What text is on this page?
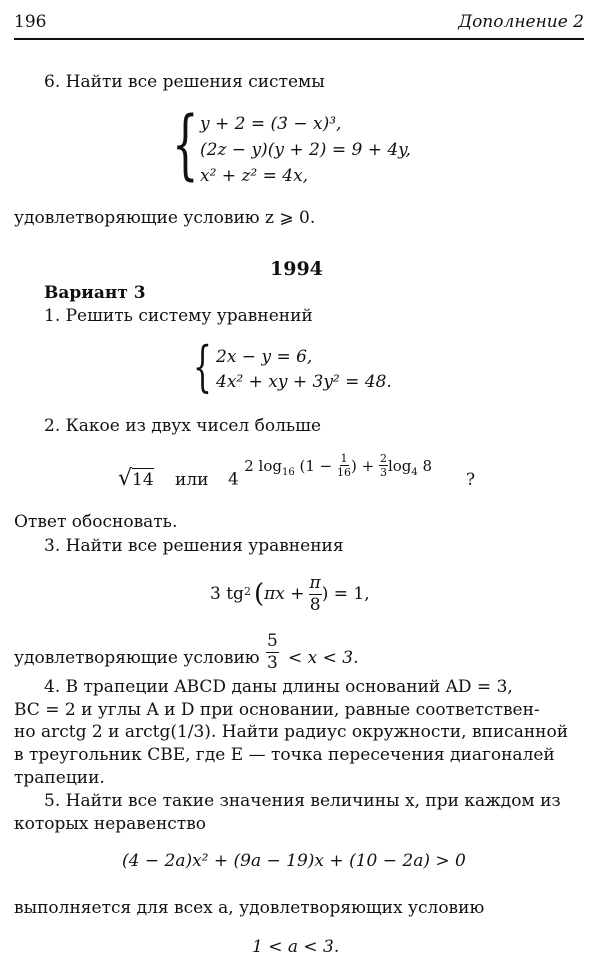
196	Дополнение 2
6. Найти все решения системы
{ y + 2 = (3 − x)³,
(2z − y)(y + 2) = 9 + 4y,
x² + z² = 4x,
удовлетворяющие условию z ⩾ 0.
1994
Вариант 3
1. Решить систему уравнений
{ 2x − y = 6,
4x² + xy + 3y² = 48.
2. Какое из двух чисел больше
√14 или 4 2 $\log_{16} (1 - \frac{1}{16}$ ) + $\frac{2}{3} \log_4 8$
?
Ответ обосновать.
3. Найти все решения уравнения
3 $tg^2$ ( $\pi x + \frac{\pi}{8}$ ) = 1,
удовлетворяющие условию $\frac{5}{3} < x < 3$.
4. В трапеции ABCD даны длины оснований AD = 3,
BC = 2 и углы A и D при основании, равные соответствен-
но arctg 2 и arctg(1/3). Найти радиус окружности, вписанной
в треугольник CBE, где E — точка пересечения диагоналей
трапеции.
5. Найти все такие значения величины x, при каждом из
которых неравенство
(4 − 2a)x² + (9a − 19)x + (10 − 2a) > 0
выполняется для всех a, удовлетворяющих условию
1 < a < 3.
